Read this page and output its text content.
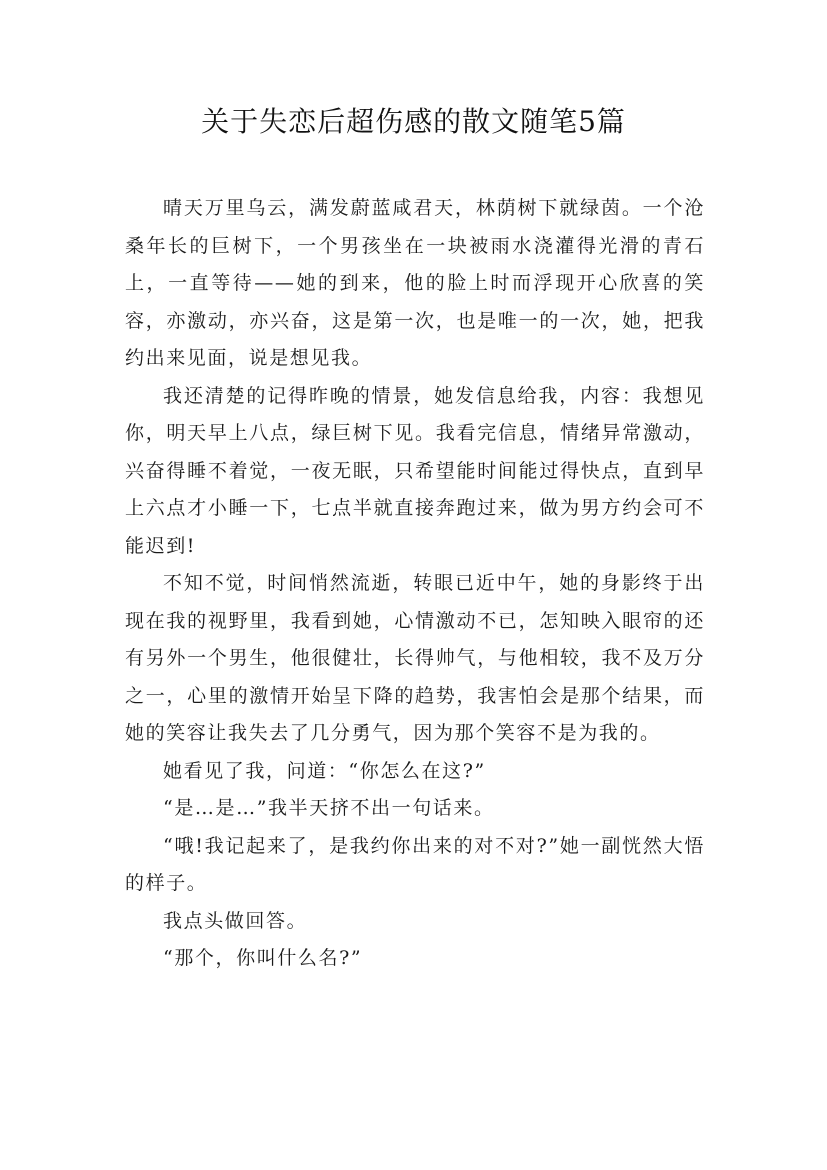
关于失恋后超伤感的散文随笔5篇

晴天万里乌云，满发蔚蓝咸君天，林荫树下就绿茵。一个沧桑年长的巨树下，一个男孩坐在一块被雨水浇灌得光滑的青石上，一直等待——她的到来，他的脸上时而浮现开心欣喜的笑容，亦激动，亦兴奋，这是第一次，也是唯一的一次，她，把我约出来见面，说是想见我。

我还清楚的记得昨晚的情景，她发信息给我，内容：我想见你，明天早上八点，绿巨树下见。我看完信息，情绪异常激动，兴奋得睡不着觉，一夜无眠，只希望能时间能过得快点，直到早上六点才小睡一下，七点半就直接奔跑过来，做为男方约会可不能迟到!

不知不觉，时间悄然流逝，转眼已近中午，她的身影终于出现在我的视野里，我看到她，心情激动不已，怎知映入眼帘的还有另外一个男生，他很健壮，长得帅气，与他相较，我不及万分之一，心里的激情开始呈下降的趋势，我害怕会是那个结果，而她的笑容让我失去了几分勇气，因为那个笑容不是为我的。

她看见了我，问道：“你怎么在这?”

“是…是…”我半天挤不出一句话来。

“哦!我记起来了，是我约你出来的对不对?”她一副恍然大悟的样子。

我点头做回答。

“那个，你叫什么名?”
